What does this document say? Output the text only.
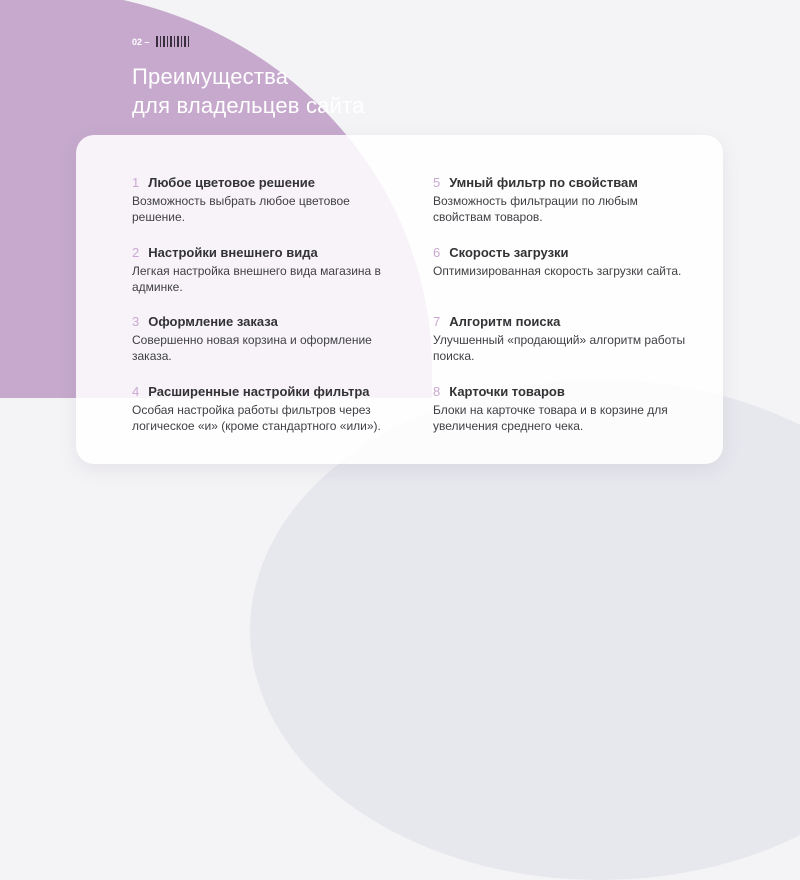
02 –
Преимущества
для владельцев сайта
1 Любое цветовое решение
Возможность выбрать любое цветовое решение.
2 Настройки внешнего вида
Легкая настройка внешнего вида магазина в админке.
3 Оформление заказа
Совершенно новая корзина и оформление заказа.
4 Расширенные настройки фильтра
Особая настройка работы фильтров через логическое «и» (кроме стандартного «или»).
5 Умный фильтр по свойствам
Возможность фильтрации по любым свойствам товаров.
6 Скорость загрузки
Оптимизированная скорость загрузки сайта.
7 Алгоритм поиска
Улучшенный «продающий» алгоритм работы поиска.
8 Карточки товаров
Блоки на карточке товара и в корзине для увеличения среднего чека.
